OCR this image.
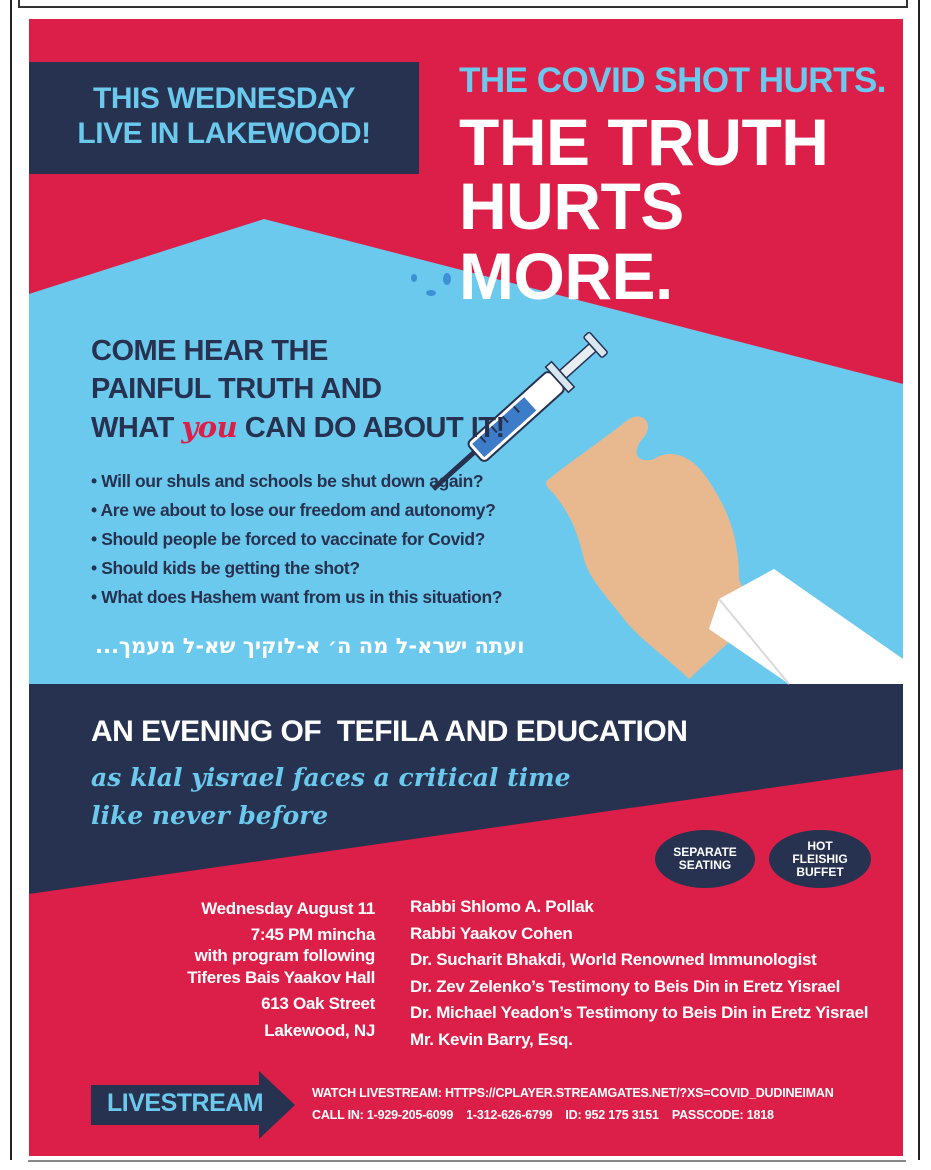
THIS WEDNESDAY
LIVE IN LAKEWOOD!
THE COVID SHOT HURTS.
THE TRUTH
HURTS MORE.
COME HEAR THE
PAINFUL TRUTH AND
WHAT you CAN DO ABOUT IT!
• Will our shuls and schools be shut down again?
• Are we about to lose our freedom and autonomy?
• Should people be forced to vaccinate for Covid?
• Should kids be getting the shot?
• What does Hashem want from us in this situation?
ועתה ישרא-ל מה ה׳ א-לוקיך שא-ל מעמך...
AN EVENING OF  TEFILA AND EDUCATION
as klal yisrael faces a critical time
like never before
SEPARATE SEATING
HOT FLEISHIG BUFFET
Wednesday August 11
7:45 PM mincha
with program following
Tiferes Bais Yaakov Hall
613 Oak Street
Lakewood, NJ
Rabbi Shlomo A. Pollak
Rabbi Yaakov Cohen
Dr. Sucharit Bhakdi, World Renowned Immunologist
Dr. Zev Zelenko’s Testimony to Beis Din in Eretz Yisrael
Dr. Michael Yeadon’s Testimony to Beis Din in Eretz Yisrael
Mr. Kevin Barry, Esq.
LIVESTREAM	WATCH LIVESTREAM: HTTPS://CPLAYER.STREAMGATES.NET/?XS=COVID_DUDINEIMAN
CALL IN: 1-929-205-6099    1-312-626-6799    ID: 952 175 3151    PASSCODE: 1818
